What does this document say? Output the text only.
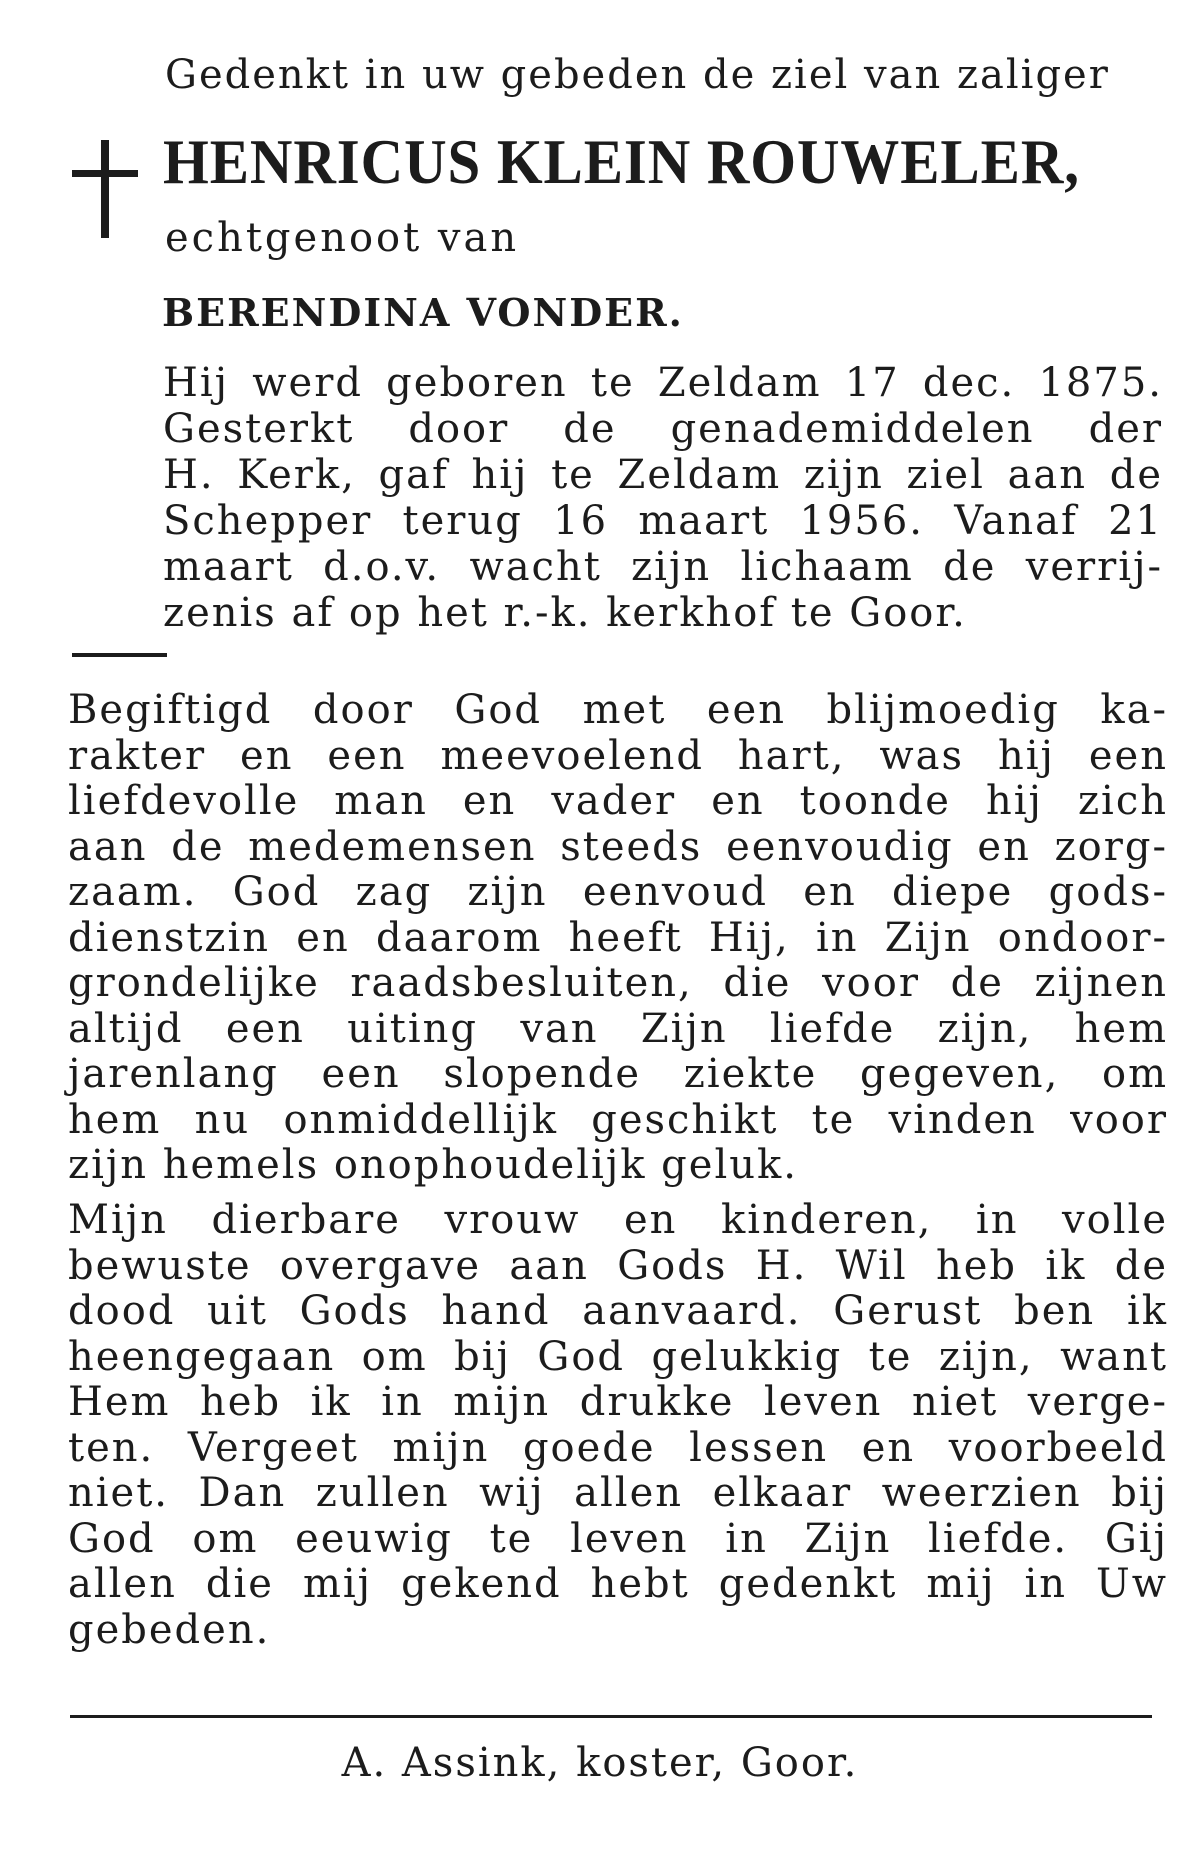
Gedenkt in uw gebeden de ziel van zaliger
HENRICUS KLEIN ROUWELER,
echtgenoot van
BERENDINA VONDER.
Hij werd geboren te Zeldam 17 dec. 1875.
Gesterkt door de genademiddelen der
H. Kerk, gaf hij te Zeldam zijn ziel aan de
Schepper terug 16 maart 1956. Vanaf 21
maart d.o.v. wacht zijn lichaam de verrij-
zenis af op het r.-k. kerkhof te Goor.
Begiftigd door God met een blijmoedig ka-
rakter en een meevoelend hart, was hij een
liefdevolle man en vader en toonde hij zich
aan de medemensen steeds eenvoudig en zorg-
zaam. God zag zijn eenvoud en diepe gods-
dienstzin en daarom heeft Hij, in Zijn ondoor-
grondelijke raadsbesluiten, die voor de zijnen
altijd een uiting van Zijn liefde zijn, hem
jarenlang een slopende ziekte gegeven, om
hem nu onmiddellijk geschikt te vinden voor
zijn hemels onophoudelijk geluk.
Mijn dierbare vrouw en kinderen, in volle
bewuste overgave aan Gods H. Wil heb ik de
dood uit Gods hand aanvaard. Gerust ben ik
heengegaan om bij God gelukkig te zijn, want
Hem heb ik in mijn drukke leven niet verge-
ten. Vergeet mijn goede lessen en voorbeeld
niet. Dan zullen wij allen elkaar weerzien bij
God om eeuwig te leven in Zijn liefde. Gij
allen die mij gekend hebt gedenkt mij in Uw
gebeden.
A. Assink, koster, Goor.
